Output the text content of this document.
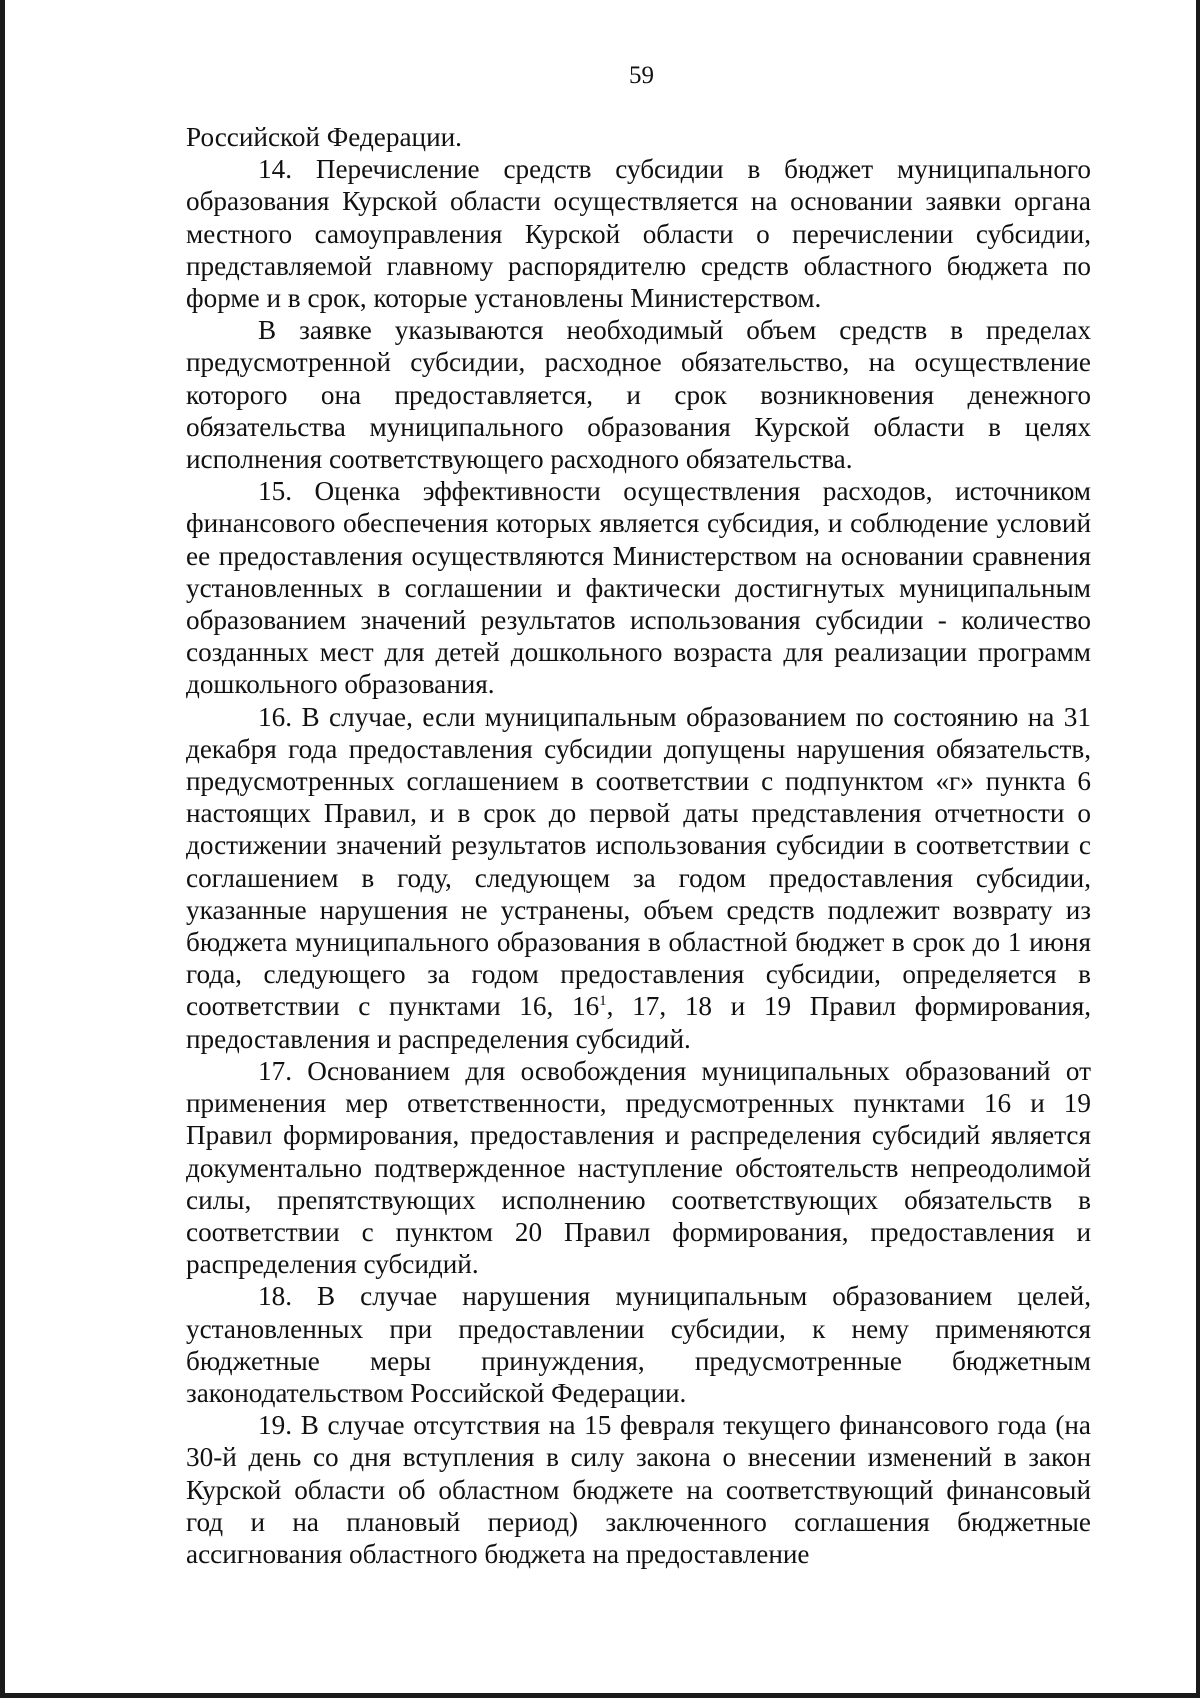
59

Российской Федерации.

14. Перечисление средств субсидии в бюджет муниципального образования Курской области осуществляется на основании заявки органа местного самоуправления Курской области о перечислении субсидии, представляемой главному распорядителю средств областного бюджета по форме и в срок, которые установлены Министерством.

В заявке указываются необходимый объем средств в пределах предусмотренной субсидии, расходное обязательство, на осуществление которого она предоставляется, и срок возникновения денежного обязательства муниципального образования Курской области в целях исполнения соответствующего расходного обязательства.

15. Оценка эффективности осуществления расходов, источником финансового обеспечения которых является субсидия, и соблюдение условий ее предоставления осуществляются Министерством на основании сравнения установленных в соглашении и фактически достигнутых муниципальным образованием значений результатов использования субсидии - количество созданных мест для детей дошкольного возраста для реализации программ дошкольного образования.

16. В случае, если муниципальным образованием по состоянию на 31 декабря года предоставления субсидии допущены нарушения обязательств, предусмотренных соглашением в соответствии с подпунктом «г» пункта 6 настоящих Правил, и в срок до первой даты представления отчетности о достижении значений результатов использования субсидии в соответствии с соглашением в году, следующем за годом предоставления субсидии, указанные нарушения не устранены, объем средств подлежит возврату из бюджета муниципального образования в областной бюджет в срок до 1 июня года, следующего за годом предоставления субсидии, определяется в соответствии с пунктами 16, $16^1$, 17, 18 и 19 Правил формирования, предоставления и распределения субсидий.

17. Основанием для освобождения муниципальных образований от применения мер ответственности, предусмотренных пунктами 16 и 19 Правил формирования, предоставления и распределения субсидий является документально подтвержденное наступление обстоятельств непреодолимой силы, препятствующих исполнению соответствующих обязательств в соответствии с пунктом 20 Правил формирования, предоставления и распределения субсидий.

18. В случае нарушения муниципальным образованием целей, установленных при предоставлении субсидии, к нему применяются бюджетные меры принуждения, предусмотренные бюджетным законодательством Российской Федерации.

19. В случае отсутствия на 15 февраля текущего финансового года (на 30-й день со дня вступления в силу закона о внесении изменений в закон Курской области об областном бюджете на соответствующий финансовый год и на плановый период) заключенного соглашения бюджетные ассигнования областного бюджета на предоставление
